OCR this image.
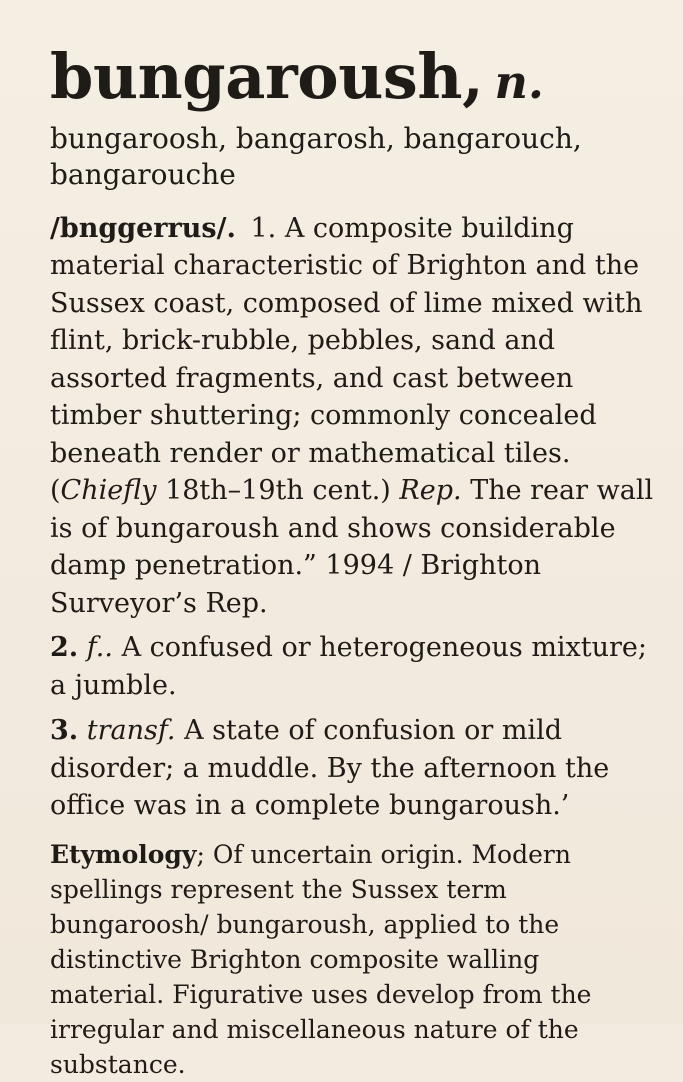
bungaroush, n.
bungaroosh, bangarosh, bangarouch, bangarouche
/bnggerrus/. 1. A composite building material characteristic of Brighton and the Sussex coast, composed of lime mixed with flint, brick-rubble, pebbles, sand and assorted fragments, and cast between timber shuttering; commonly concealed beneath render or mathematical tiles. (Chiefly 18th–19th cent.) Rep. The rear wall is of bungaroush and shows considerable damp penetration.” 1994 / Brighton Surveyor’s Rep.
2. f.. A confused or heterogeneous mixture; a jumble.
3. transf. A state of confusion or mild disorder; a muddle. By the afternoon the office was in a complete bungaroush.’
Etymology; Of uncertain origin. Modern spellings represent the Sussex term bungaroosh/ bungaroush, applied to the distinctive Brighton composite walling material. Figurative uses develop from the irregular and miscellaneous nature of the substance.
